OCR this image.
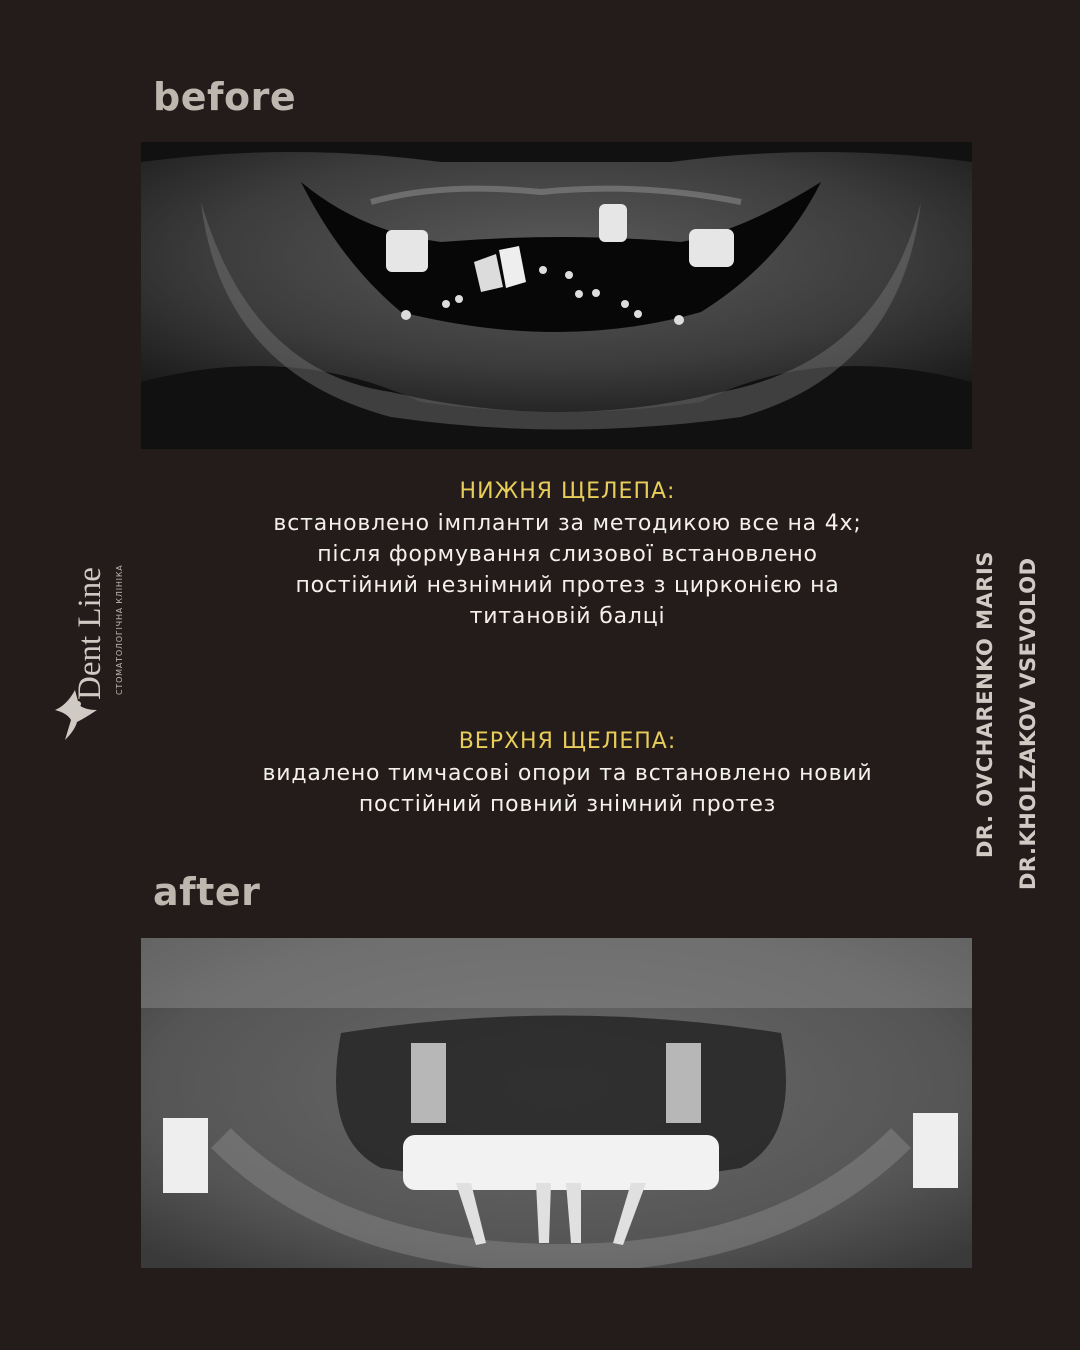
before
НИЖНЯ ЩЕЛЕПА:
встановлено імпланти за методикою все на 4х;
після формування слизової встановлено
постійний незнімний протез з цирконією на
титановій балці
ВЕРХНЯ ЩЕЛЕПА:
видалено тимчасові опори та встановлено новий
постійний повний знімний протез
after
DR. OVCHARENKO MARIS DR.KHOLZAKOV VSEVOLOD
Dent Line СТОМАТОЛОГІЧНА КЛІНІКА
